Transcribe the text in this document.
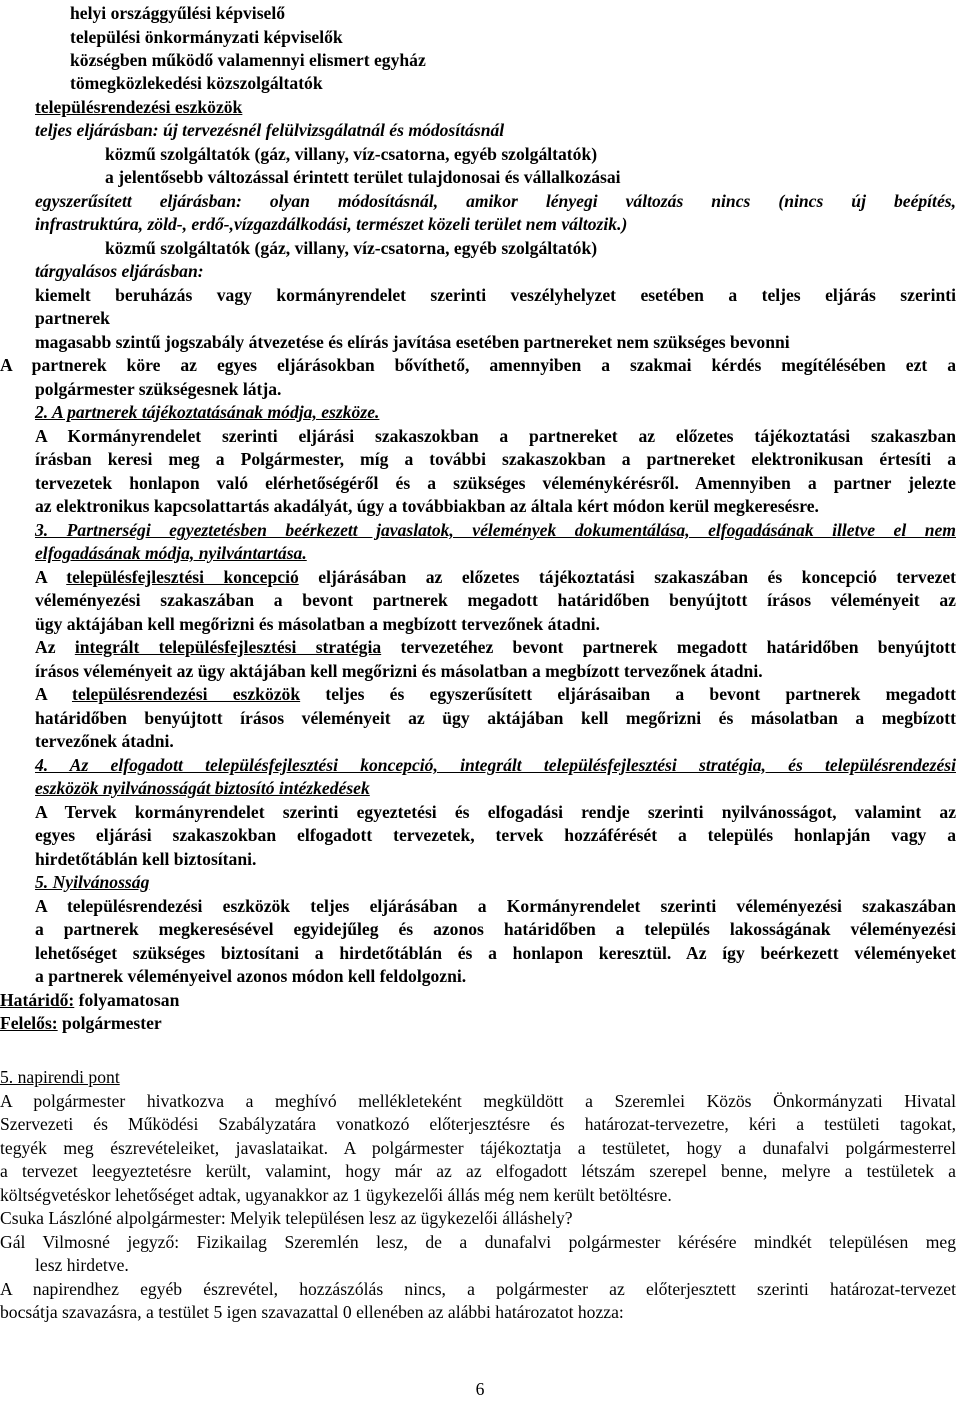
helyi országgyűlési képviselő
települési önkormányzati képviselők
községben működő valamennyi elismert egyház
tömegközlekedési közszolgáltatók
településrendezési eszközök
teljes eljárásban: új tervezésnél felülvizsgálatnál és módosításnál
közmű szolgáltatók (gáz, villany, víz-csatorna, egyéb szolgáltatók)
a jelentősebb változással érintett terület tulajdonosai és vállalkozásai
egyszerűsített eljárásban: olyan módosításnál, amikor lényegi változás nincs (nincs új beépítés,
infrastruktúra, zöld-, erdő-,vízgazdálkodási, természet közeli terület nem változik.)
közmű szolgáltatók (gáz, villany, víz-csatorna, egyéb szolgáltatók)
tárgyalásos eljárásban:
kiemelt beruházás vagy kormányrendelet szerinti veszélyhelyzet esetében a teljes eljárás szerinti
partnerek
magasabb szintű jogszabály átvezetése és elírás javítása esetében partnereket nem szükséges bevonni
A partnerek köre az egyes eljárásokban bővíthető, amennyiben a szakmai kérdés megítélésében ezt a
polgármester szükségesnek látja.
2. A partnerek tájékoztatásának módja, eszköze.
A Kormányrendelet szerinti eljárási szakaszokban a partnereket az előzetes tájékoztatási szakaszban
írásban keresi meg a Polgármester, míg a további szakaszokban a partnereket elektronikusan értesíti a
tervezetek honlapon való elérhetőségéről és a szükséges véleménykérésről. Amennyiben a partner jelezte
az elektronikus kapcsolattartás akadályát, úgy a továbbiakban az általa kért módon kerül megkeresésre.
3. Partnerségi egyeztetésben beérkezett javaslatok, vélemények dokumentálása, elfogadásának illetve el nem
elfogadásának módja, nyilvántartása.
A településfejlesztési koncepció eljárásában az előzetes tájékoztatási szakaszában és koncepció tervezet
véleményezési szakaszában a bevont partnerek megadott határidőben benyújtott írásos véleményeit az
ügy aktájában kell megőrizni és másolatban a megbízott tervezőnek átadni.
Az integrált településfejlesztési stratégia tervezetéhez bevont partnerek megadott határidőben benyújtott
írásos véleményeit az ügy aktájában kell megőrizni és másolatban a megbízott tervezőnek átadni.
A településrendezési eszközök teljes és egyszerűsített eljárásaiban a bevont partnerek megadott
határidőben benyújtott írásos véleményeit az ügy aktájában kell megőrizni és másolatban a megbízott
tervezőnek átadni.
4. Az elfogadott településfejlesztési koncepció, integrált településfejlesztési stratégia, és településrendezési
eszközök nyilvánosságát biztosító intézkedések
A Tervek kormányrendelet szerinti egyeztetési és elfogadási rendje szerinti nyilvánosságot, valamint az
egyes eljárási szakaszokban elfogadott tervezetek, tervek hozzáférését a település honlapján vagy a
hirdetőtáblán kell biztosítani.
5. Nyilvánosság
A településrendezési eszközök teljes eljárásában a Kormányrendelet szerinti véleményezési szakaszában
a partnerek megkeresésével egyidejűleg és azonos határidőben a település lakosságának véleményezési
lehetőséget szükséges biztosítani a hirdetőtáblán és a honlapon keresztül. Az így beérkezett véleményeket
a partnerek véleményeivel azonos módon kell feldolgozni.
Határidő: folyamatosan
Felelős: polgármester
5. napirendi pont
A polgármester hivatkozva a meghívó mellékleteként megküldött a Szeremlei Közös Önkormányzati Hivatal
Szervezeti és Működési Szabályzatára vonatkozó előterjesztésre és határozat-tervezetre, kéri a testületi tagokat,
tegyék meg észrevételeiket, javaslataikat. A polgármester tájékoztatja a testületet, hogy a dunafalvi polgármesterrel
a tervezet leegyeztetésre került, valamint, hogy már az az elfogadott létszám szerepel benne, melyre a testületek a
költségvetéskor lehetőséget adtak, ugyanakkor az 1 ügykezelői állás még nem került betöltésre.
Csuka Lászlóné alpolgármester: Melyik településen lesz az ügykezelői álláshely?
Gál Vilmosné jegyző: Fizikailag Szeremlén lesz, de a dunafalvi polgármester kérésére mindkét településen meg
lesz hirdetve.
A napirendhez egyéb észrevétel, hozzászólás nincs, a polgármester az előterjesztett szerinti határozat-tervezet
bocsátja szavazásra, a testület 5 igen szavazattal 0 ellenében az alábbi határozatot hozza:
6
